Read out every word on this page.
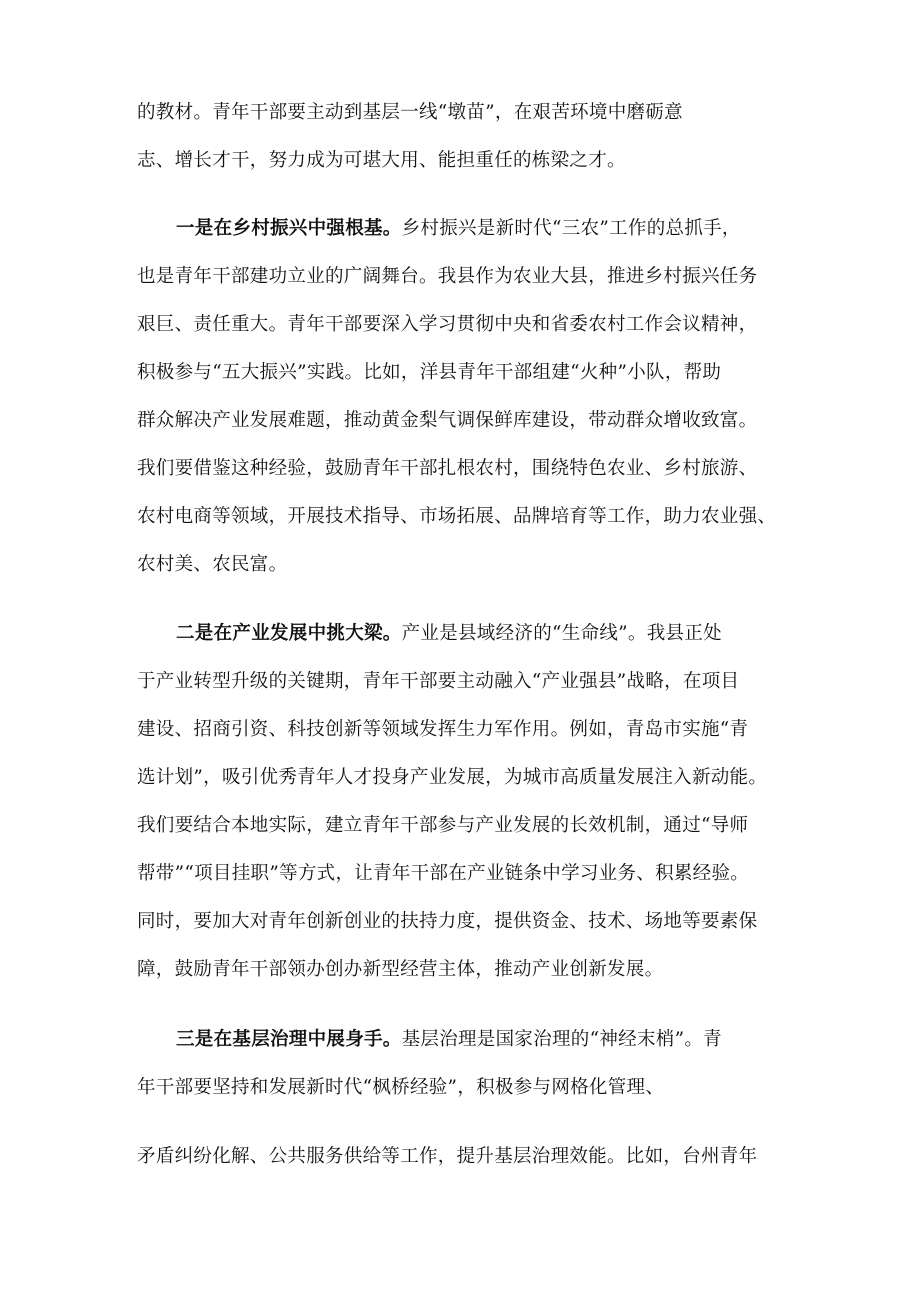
的教材。青年干部要主动到基层一线“墩苗”，在艰苦环境中磨砺意
志、增长才干，努力成为可堪大用、能担重任的栋梁之才。
一是在乡村振兴中强根基。乡村振兴是新时代“三农”工作的总抓手，
也是青年干部建功立业的广阔舞台。我县作为农业大县，推进乡村振兴任务
艰巨、责任重大。青年干部要深入学习贯彻中央和省委农村工作会议精神，
积极参与“五大振兴”实践。比如，洋县青年干部组建“火种”小队，帮助
群众解决产业发展难题，推动黄金梨气调保鲜库建设，带动群众增收致富。
我们要借鉴这种经验，鼓励青年干部扎根农村，围绕特色农业、乡村旅游、
农村电商等领域，开展技术指导、市场拓展、品牌培育等工作，助力农业强、
农村美、农民富。
二是在产业发展中挑大梁。产业是县域经济的“生命线”。我县正处
于产业转型升级的关键期，青年干部要主动融入“产业强县”战略，在项目
建设、招商引资、科技创新等领域发挥生力军作用。例如，青岛市实施“青
选计划”，吸引优秀青年人才投身产业发展，为城市高质量发展注入新动能。
我们要结合本地实际，建立青年干部参与产业发展的长效机制，通过“导师
帮带”“项目挂职”等方式，让青年干部在产业链条中学习业务、积累经验。
同时，要加大对青年创新创业的扶持力度，提供资金、技术、场地等要素保
障，鼓励青年干部领办创办新型经营主体，推动产业创新发展。
三是在基层治理中展身手。基层治理是国家治理的“神经末梢”。青
年干部要坚持和发展新时代“枫桥经验”，积极参与网格化管理、
矛盾纠纷化解、公共服务供给等工作，提升基层治理效能。比如，台州青年
